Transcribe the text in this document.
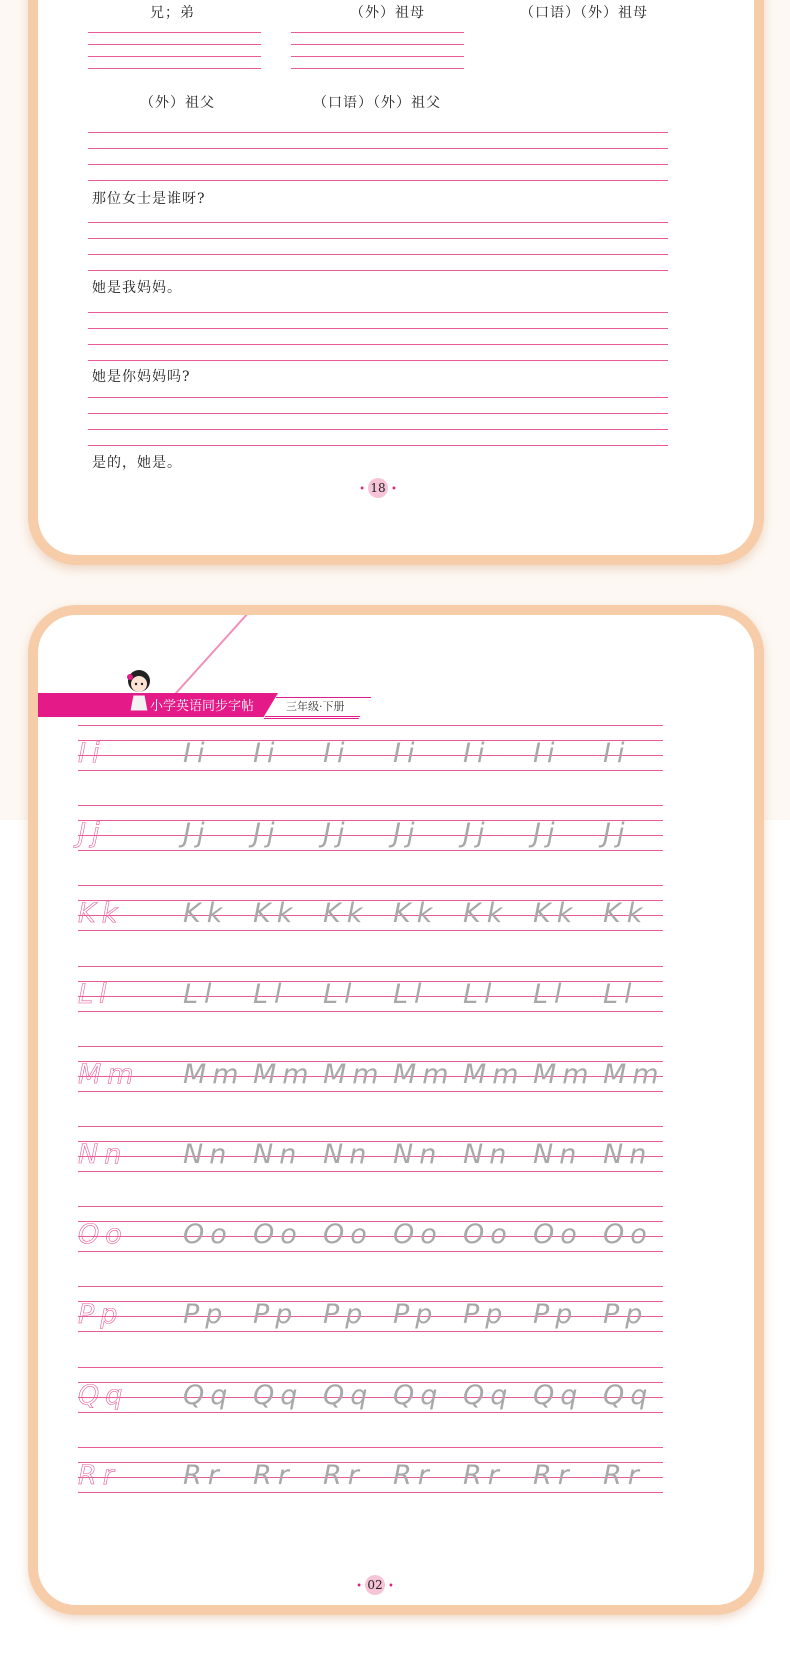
兄；弟	（外）祖母	（口语）（外）祖母
（外）祖父	（口语）（外）祖父
那位女士是谁呀?
她是我妈妈。
她是你妈妈吗?
是的，她是。
• 18 •
小学英语同步字帖	三年级·下册
Ii	Ii Ii Ii Ii Ii Ii Ii
Jj	Jj Jj Jj Jj Jj Jj Jj
Kk Kk Kk Kk Kk Kk Kk Kk
Ll	Ll Ll Ll Ll Ll Ll Ll
Mm Mm Mm Mm Mm Mm Mm Mm
Nn Nn Nn Nn Nn Nn Nn Nn
Oo Oo Oo Oo Oo Oo Oo Oo
Pp Pp Pp Pp Pp Pp Pp Pp
Qq Qq Qq Qq Qq Qq Qq Qq
Rr Rr Rr Rr Rr Rr Rr Rr
• 02 •
